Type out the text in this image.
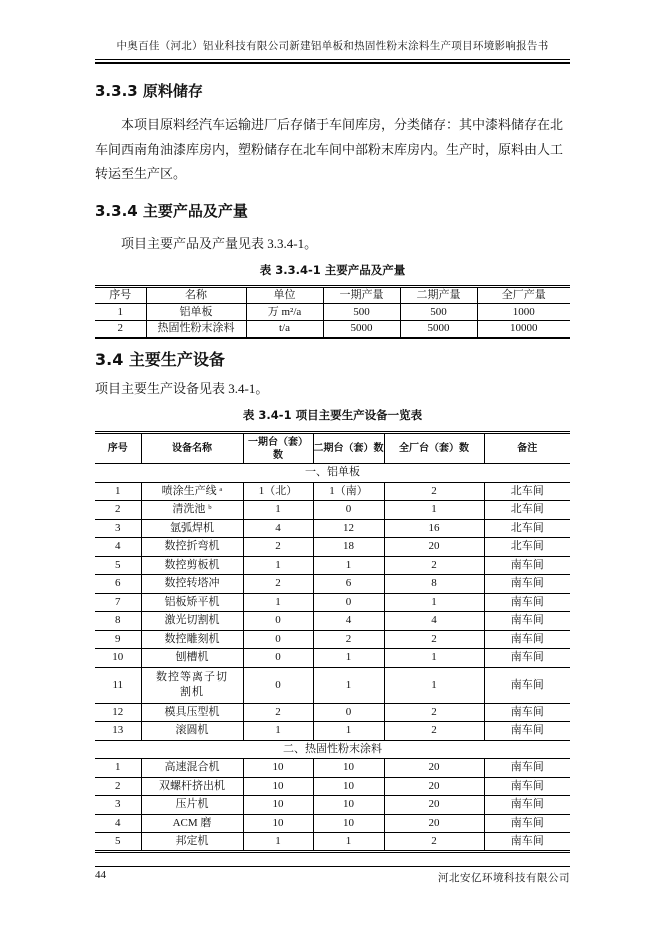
中奥百佳（河北）铝业科技有限公司新建铝单板和热固性粉末涂料生产项目环境影响报告书
3.3.3 原料储存

本项目原料经汽车运输进厂后存储于车间库房，分类储存：其中漆料储存在北车间西南角油漆库房内，塑粉储存在北车间中部粉末库房内。生产时，原料由人工转运至生产区。

3.3.4 主要产品及产量

项目主要产品及产量见表 3.3.4-1。

表 3.3.4-1 主要产品及产量
序号	名称	单位	一期产量	二期产量	全厂产量
1	铝单板	万 m²/a	500	500	1000
2	热固性粉末涂料	t/a	5000	5000	10000
3.4 主要生产设备

项目主要生产设备见表 3.4-1。

表 3.4-1 项目主要生产设备一览表
序号	设备名称	一期台（套）数	二期台（套）数	全厂台（套）数	备注
一、铝单板					
1	喷涂生产线 ᵃ	1（北）	1（南）	2	北车间
2	清洗池 ᵇ	1	0	1	北车间
3	氩弧焊机	4	12	16	北车间
4	数控折弯机	2	18	20	北车间
5	数控剪板机	1	1	2	南车间
6	数控转塔冲	2	6	8	南车间
7	铝板矫平机	1	0	1	南车间
8	激光切割机	0	4	4	南车间
9	数控雕刻机	0	2	2	南车间
10	刨槽机	0	1	1	南车间
11	数控等离子切割机	0	1	1	南车间
12	模具压型机	2	0	2	南车间
13	滚圆机	1	1	2	南车间
二、热固性粉末涂料					
1	高速混合机	10	10	20	南车间
2	双螺杆挤出机	10	10	20	南车间
3	压片机	10	10	20	南车间
4	ACM 磨	10	10	20	南车间
5	邦定机	1	1	2	南车间
44	河北安亿环境科技有限公司
